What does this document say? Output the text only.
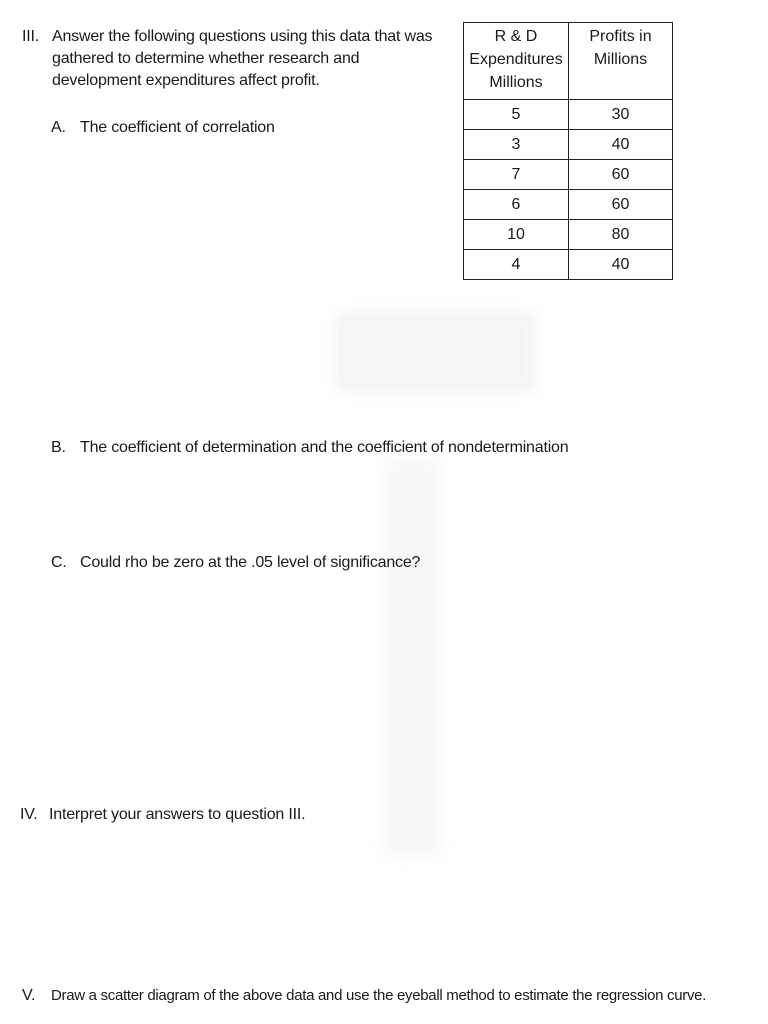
III. Answer the following questions using this data that was gathered to determine whether research and development expenditures affect profit.
A. The coefficient of correlation
R & D Expenditures Millions	Profits in Millions
5	30
3	40
7	60
6	60
10	80
4	40
B. The coefficient of determination and the coefficient of nondetermination
C. Could rho be zero at the .05 level of significance?
IV. Interpret your answers to question III.
V. Draw a scatter diagram of the above data and use the eyeball method to estimate the regression curve.
